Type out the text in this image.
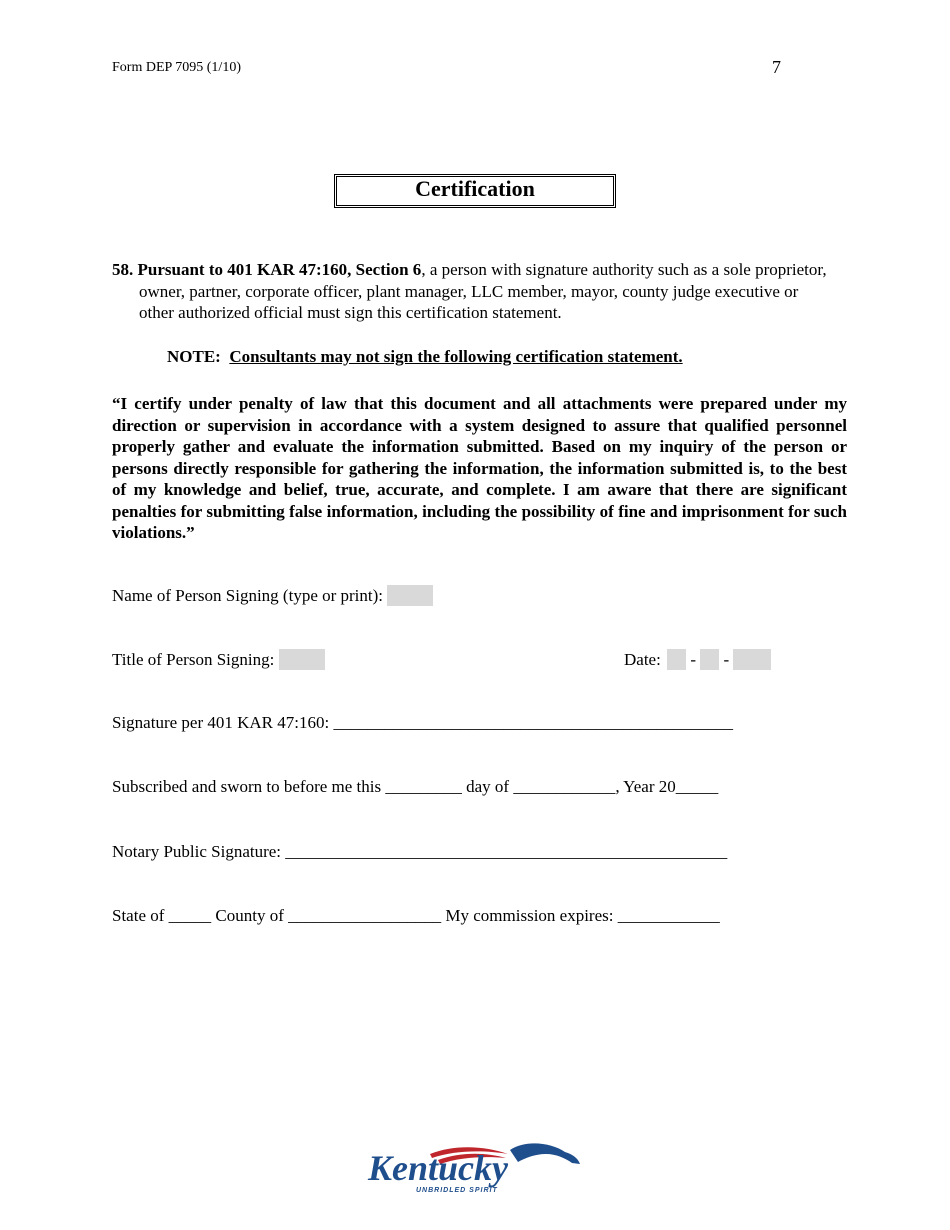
Form DEP 7095 (1/10)	7
Certification
58. Pursuant to 401 KAR 47:160, Section 6, a person with signature authority such as a sole proprietor, owner, partner, corporate officer, plant manager, LLC member, mayor, county judge executive or other authorized official must sign this certification statement.
NOTE: Consultants may not sign the following certification statement.
“I certify under penalty of law that this document and all attachments were prepared under my direction or supervision in accordance with a system designed to assure that qualified personnel properly gather and evaluate the information submitted. Based on my inquiry of the person or persons directly responsible for gathering the information, the information submitted is, to the best of my knowledge and belief, true, accurate, and complete. I am aware that there are significant penalties for submitting false information, including the possibility of fine and imprisonment for such violations.”
Name of Person Signing (type or print):
Title of Person Signing:	Date: - -
Signature per 401 KAR 47:160: _______________________________________________
Subscribed and sworn to before me this _________ day of ____________, Year 20_____
Notary Public Signature: ____________________________________________________
State of _____ County of __________________ My commission expires: ____________
Kentucky
UNBRIDLED SPIRIT
